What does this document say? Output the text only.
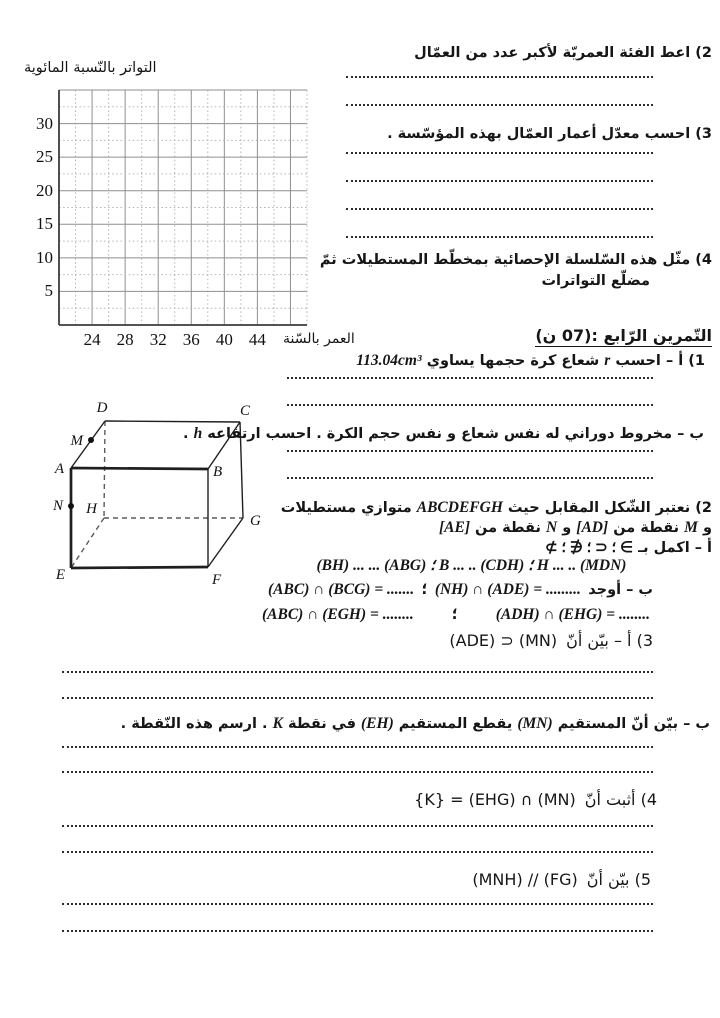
2) اعط الفئة العمريّة لأكبر عدد من العمّال
3) احسب معدّل أعمار العمّال بهذه المؤسّسة .
4) مثّل هذه السّلسلة الإحصائية بمخطّط المستطيلات ثمّ
مضلّع التواترات
التواتر بالنّسبة المائوية
30
25
20
15
10
5
24 28 32 36 40 44	العمر بالسّنة	التّمرين الرّابع :(07 ن)
1) أ – احسب r شعاع كرة حجمها يساوي 113.04cm³
ب – مخروط دوراني له نفس شعاع و نفس حجم الكرة . احسب ارتفاعه h .
D	C
M
A	B
N H
G
E	F
2) نعتبر الشّكل المقابل حيث ABCDEFGH متوازي مستطيلات
و M نقطة من [AD] و N نقطة من [AE]
أ – اكمل بـ ⊄ ؛ ⊂ ؛ ∉ ؛ ∈
(BH) ... ... (ABG) ؛ B ... .. (CDH) ؛ H ... .. (MDN)
ب – أوجد
(NH) ∩ (ADE) = .........
؛
(ABC) ∩ (BCG) = .......
(ADH) ∩ (EHG) = ........
؛
(ABC) ∩ (EGH) = ........
3) أ – بيّن أنّ
(MN) ⊂ (ADE)
ب – بيّن أنّ المستقيم (MN) يقطع المستقيم (EH) في نقطة K . ارسم هذه النّقطة .
4) أثبت أنّ
(MN) ∩ (EHG) = {K}
5) بيّن أنّ
(FG) // (MNH)
